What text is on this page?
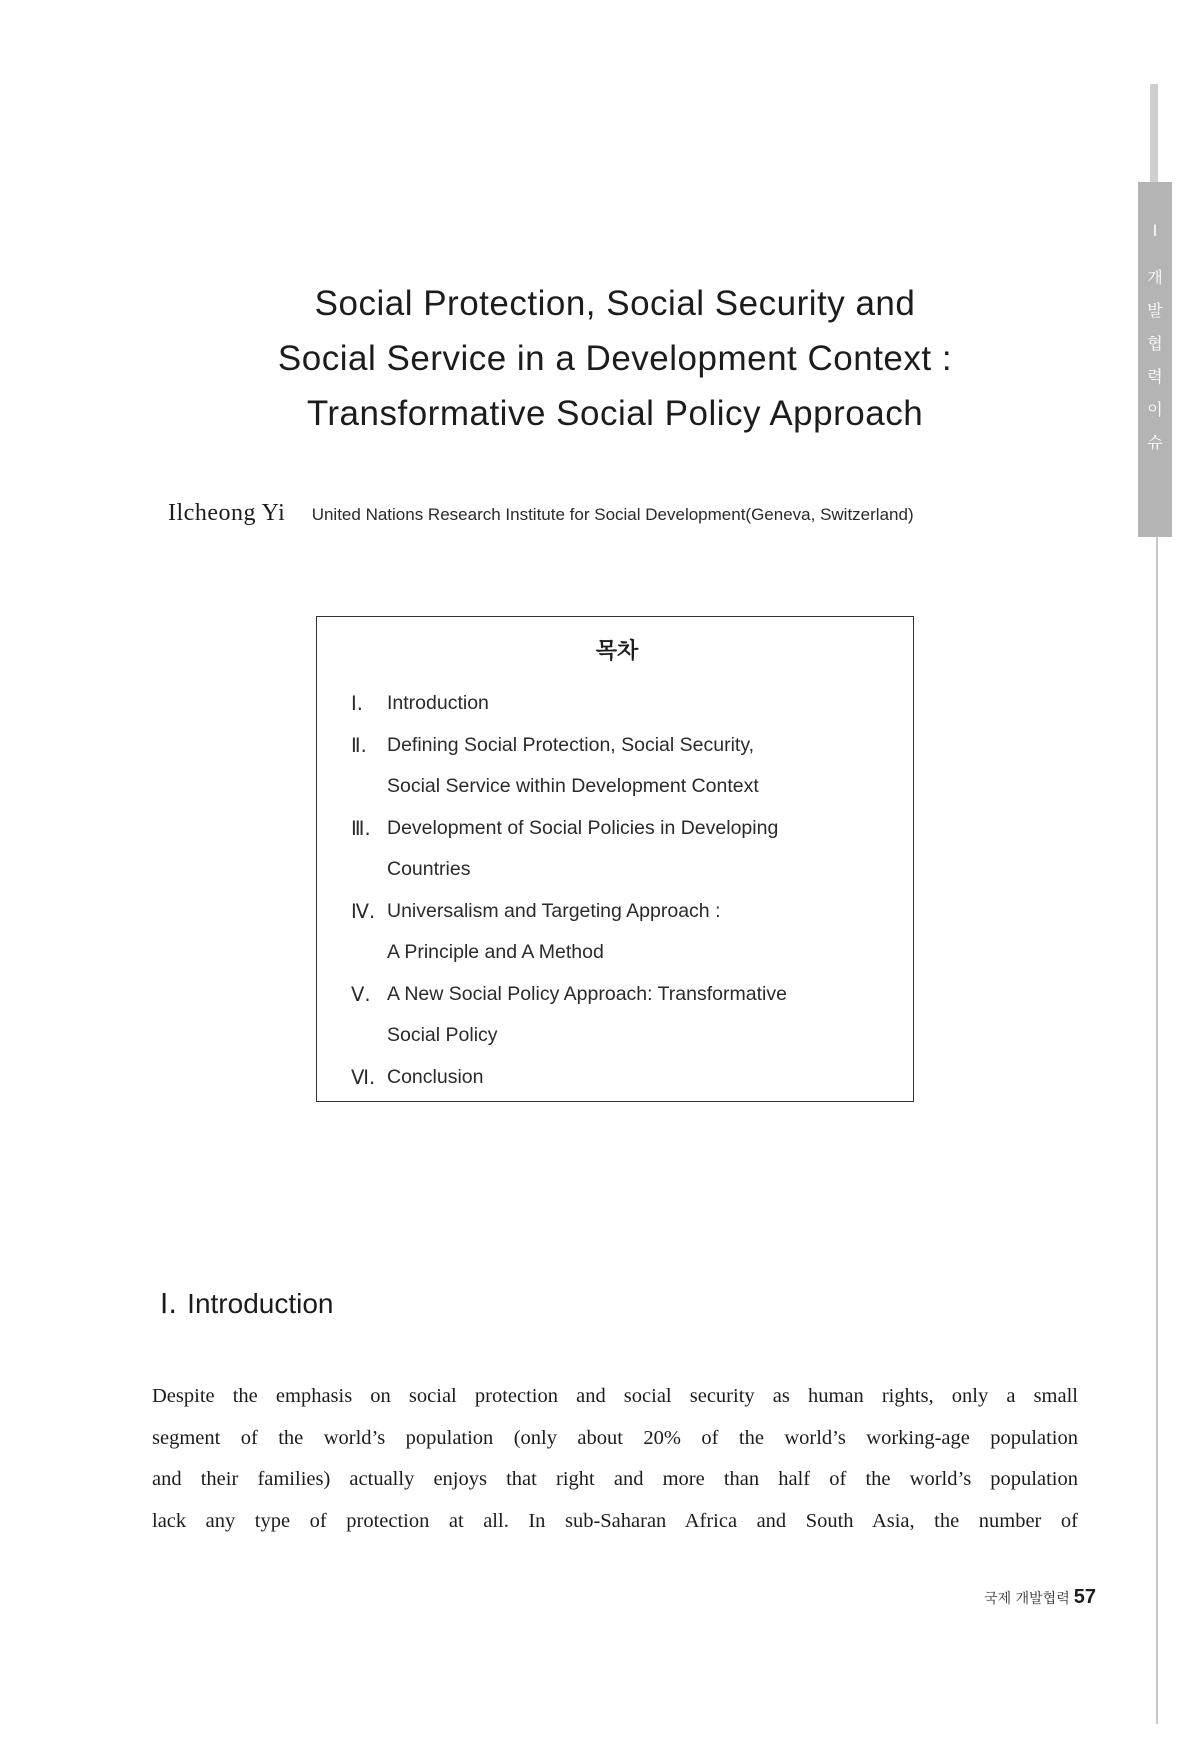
Ⅰ
개
발
협
력
이
슈
Social Protection, Social Security and
Social Service in a Development Context :
Transformative Social Policy Approach
Ilcheong Yi United Nations Research Institute for Social Development(Geneva, Switzerland)
목차
Ⅰ.	Introduction
Ⅱ.	Defining Social Protection, Social Security,
Social Service within Development Context
Ⅲ. Development of Social Policies in Developing
Countries
Ⅳ. Universalism and Targeting Approach :
A Principle and A Method
Ⅴ. A New Social Policy Approach: Transformative
Social Policy
Ⅵ. Conclusion
Ⅰ. Introduction
Despite the emphasis on social protection and social security as human rights, only a small
segment of the world’s population (only about 20% of the world’s working-age population
and their families) actually enjoys that right and more than half of the world’s population
lack any type of protection at all. In sub-Saharan Africa and South Asia, the number of
국제 개발협력 57
